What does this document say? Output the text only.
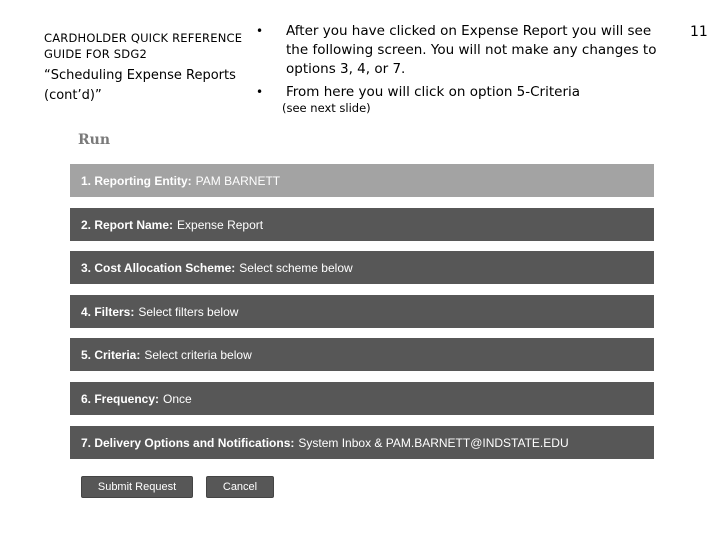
CARDHOLDER QUICK REFERENCE GUIDE FOR SDG2
“Scheduling Expense Reports (cont’d)”
11
•	After you have clicked on Expense Report you will see the following screen. You will not make any changes to options 3, 4, or 7.
•	From here you will click on option 5-Criteria
(see next slide)
Run
1. Reporting Entity: PAM BARNETT
2. Report Name: Expense Report
3. Cost Allocation Scheme: Select scheme below
4. Filters: Select filters below
5. Criteria: Select criteria below
6. Frequency: Once
7. Delivery Options and Notifications: System Inbox & PAM.BARNETT@INDSTATE.EDU
Submit Request	Cancel
